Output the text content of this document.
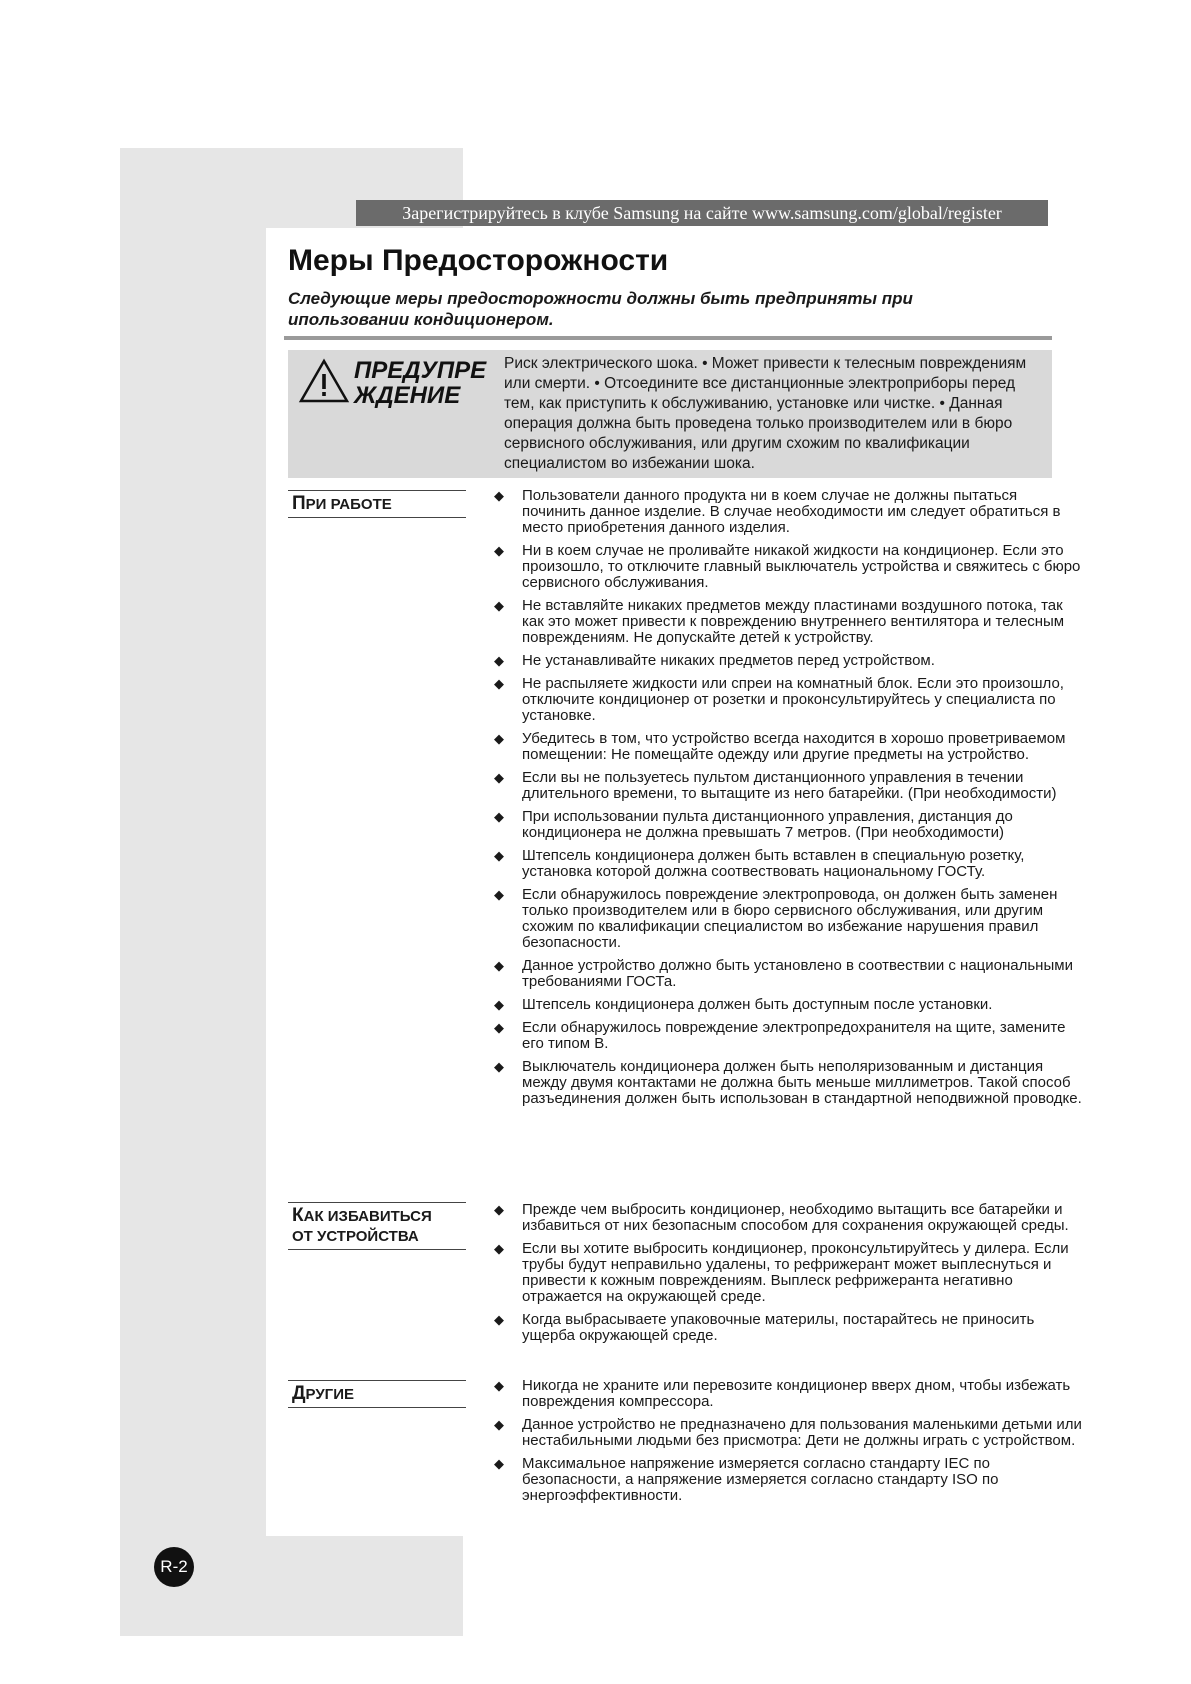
Зарегистрируйтесь в клубе Samsung на сайте www.samsung.com/global/register
Меры Предосторожности

Следующие меры предосторожности должны быть предприняты при ипользовании кондиционером.

ПРЕДУПРЕ
ЖДЕНИЕ

Риск электрического шока. • Может привести к телесным повреждениям или смерти. • Отсоедините все дистанционные электроприборы перед тем, как приступить к обслуживанию, установке или чистке. • Данная операция должна быть проведена только производителем или в бюро сервисного обслуживания, или другим схожим по квалификации специалистом во избежании шока.

ПРИ РАБОТЕ
◆ Пользователи данного продукта ни в коем случае не должны пытаться починить данное изделие. В случае необходимости им следует обратиться в место приобретения данного изделия.
◆ Ни в коем случае не проливайте никакой жидкости на кондиционер. Если это произошло, то отключите главный выключатель устройства и свяжитесь с бюро сервисного обслуживания.
◆ Не вставляйте никаких предметов между пластинами воздушного потока, так как это может привести к повреждению внутреннего вентилятора и телесным повреждениям. Не допускайте детей к устройству.
◆ Не устанавливайте никаких предметов перед устройством.
◆ Не распыляете жидкости или спреи на комнатный блок. Если это произошло, отключите кондиционер от розетки и проконсультируйтесь у специалиста по установке.
◆ Убедитесь в том, что устройство всегда находится в хорошо проветриваемом помещении: Не помещайте одежду или другие предметы на устройство.
◆ Если вы не пользуетесь пультом дистанционного управления в течении длительного времени, то вытащите из него батарейки. (При необходимости)
◆ При использовании пульта дистанционного управления, дистанция до кондиционера не должна превышать 7 метров. (При необходимости)
◆ Штепсель кондиционера должен быть вставлен в специальную розетку, установка которой должна соотвествовать национальному ГОСТу.
◆ Если обнаружилось повреждение электропровода, он должен быть заменен только производителем или в бюро сервисного обслуживания, или другим схожим по квалификации специалистом во избежание нарушения правил безопасности.
◆ Данное устройство должно быть установлено в соотвествии с национальными требованиями ГОСТа.
◆ Штепсель кондиционера должен быть доступным после установки.
◆ Если обнаружилось повреждение электропредохранителя на щите, замените его типом B.
◆ Выключатель кондиционера должен быть неполяризованным и дистанция между двумя контактами не должна быть меньше миллиметров. Такой способ разъединения должен быть использован в стандартной неподвижной проводке.
КАК ИЗБАВИТЬСЯ
ОТ УСТРОЙСТВА
◆ Прежде чем выбросить кондиционер, необходимо вытащить все батарейки и избавиться от них безопасным способом для сохранения окружающей среды.
◆ Если вы хотите выбросить кондиционер, проконсультируйтесь у дилера. Если трубы будут неправильно удалены, то рефрижерант может выплеснуться и привести к кожным повреждениям. Выплеск рефрижеранта негативно отражается на окружающей среде.
◆ Когда выбрасываете упаковочные материлы, постарайтесь не приносить ущерба окружающей среде.
ДРУГИЕ
◆ Никогда не храните или перевозите кондиционер вверх дном, чтобы избежать повреждения компрессора.
◆ Данное устройство не предназначено для пользования маленькими детьми или нестабильными людьми без присмотра: Дети не должны играть с устройством.
◆ Максимальное напряжение измеряется согласно стандарту IEC по безопасности, а напряжение измеряется согласно стандарту ISO по энергоэффективности.
R-2
